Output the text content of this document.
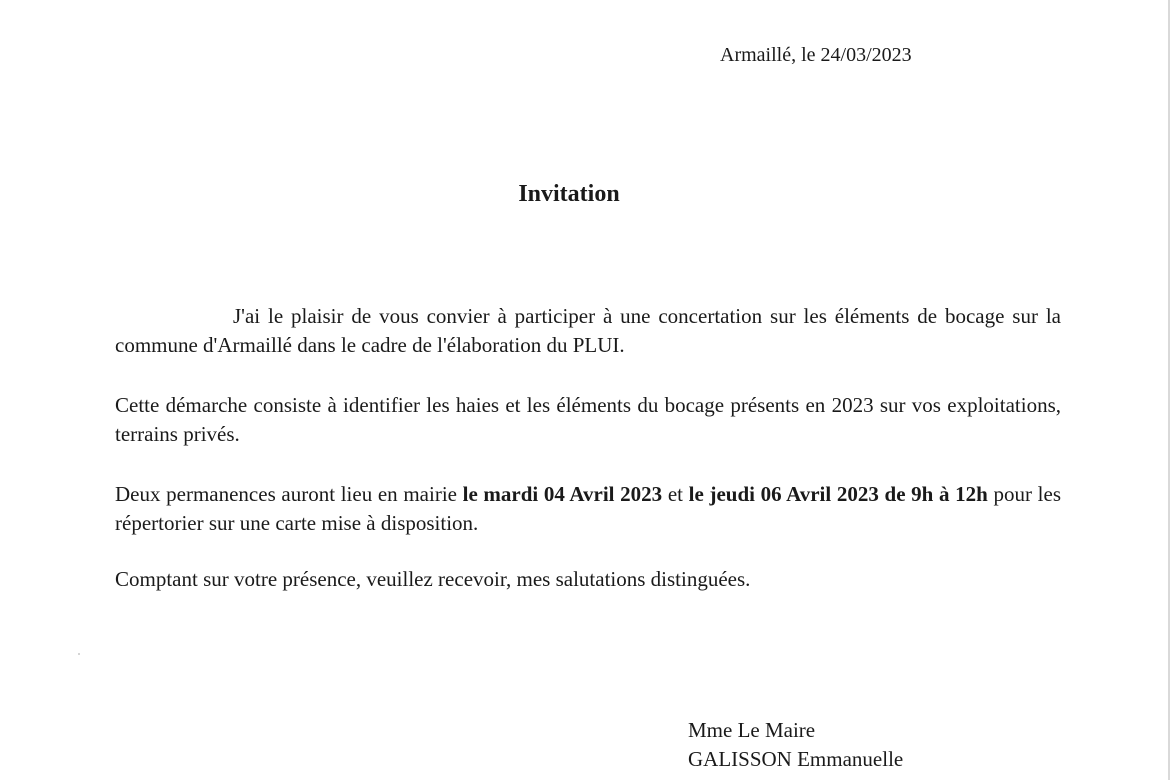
Armaillé, le 24/03/2023
Invitation
J'ai le plaisir de vous convier à participer à une concertation sur les éléments de bocage sur la commune d'Armaillé dans le cadre de l'élaboration du PLUI.
Cette démarche consiste à identifier les haies et les éléments du bocage présents en 2023 sur vos exploitations, terrains privés.
Deux permanences auront lieu en mairie le mardi 04 Avril 2023 et le jeudi 06 Avril 2023 de 9h à 12h pour les répertorier sur une carte mise à disposition.
Comptant sur votre présence, veuillez recevoir, mes salutations distinguées.
Mme Le Maire
GALISSON Emmanuelle
